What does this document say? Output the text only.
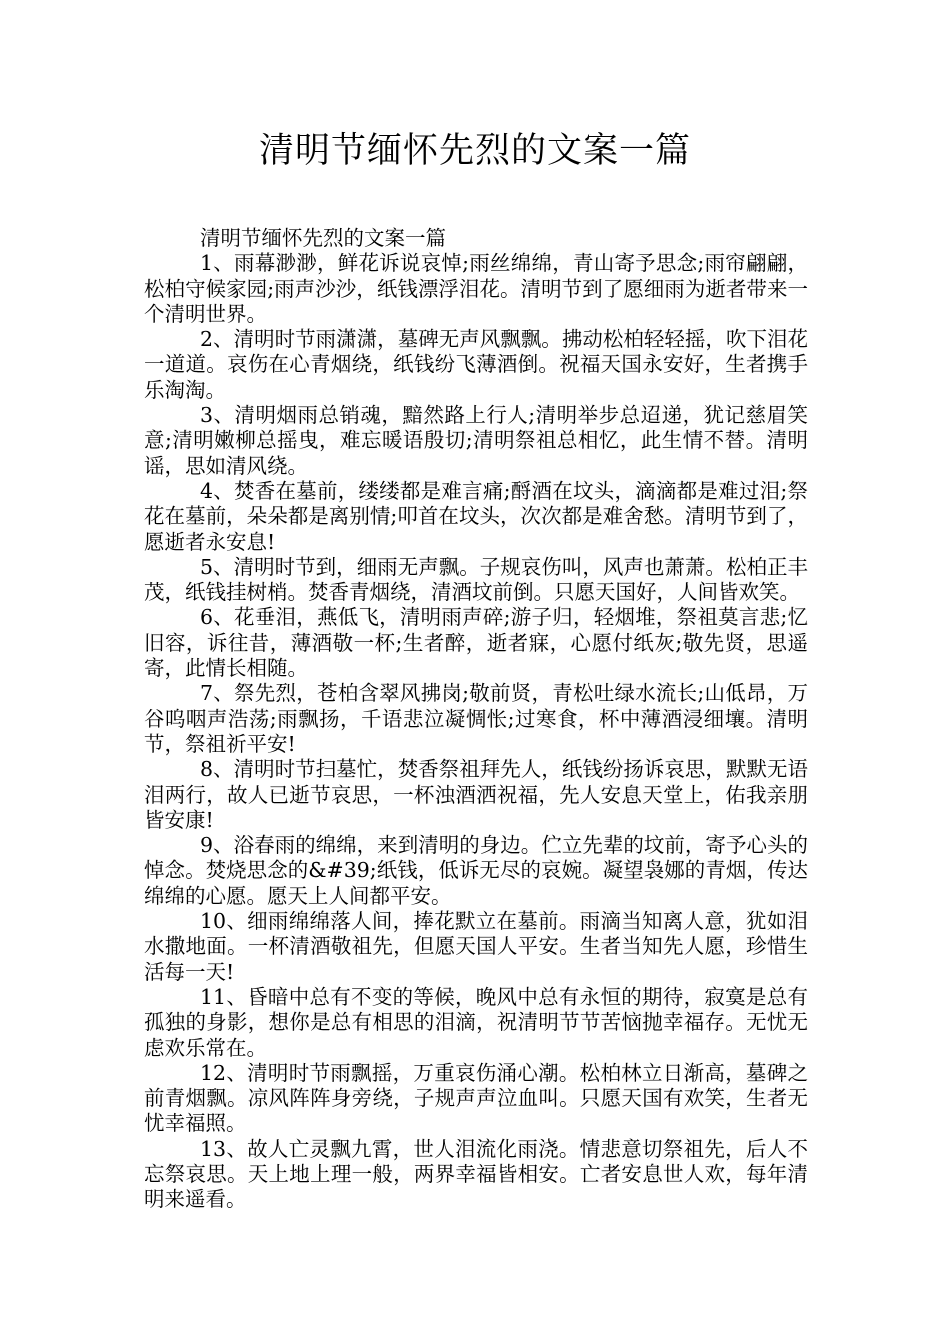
清明节缅怀先烈的文案一篇

清明节缅怀先烈的文案一篇

1、雨幕渺渺，鲜花诉说哀悼;雨丝绵绵，青山寄予思念;雨帘翩翩，松柏守候家园;雨声沙沙，纸钱漂浮泪花。清明节到了愿细雨为逝者带来一个清明世界。

2、清明时节雨潇潇，墓碑无声风飘飘。拂动松柏轻轻摇，吹下泪花一道道。哀伤在心青烟绕，纸钱纷飞薄酒倒。祝福天国永安好，生者携手乐淘淘。

3、清明烟雨总销魂，黯然路上行人;清明举步总迢递，犹记慈眉笑意;清明嫩柳总摇曳，难忘暖语殷切;清明祭祖总相忆，此生情不替。清明谣，思如清风绕。

4、焚香在墓前，缕缕都是难言痛;酹酒在坟头，滴滴都是难过泪;祭花在墓前，朵朵都是离别情;叩首在坟头，次次都是难舍愁。清明节到了，愿逝者永安息!

5、清明时节到，细雨无声飘。子规哀伤叫，风声也萧萧。松柏正丰茂，纸钱挂树梢。焚香青烟绕，清酒坟前倒。只愿天国好，人间皆欢笑。

6、花垂泪，燕低飞，清明雨声碎;游子归，轻烟堆，祭祖莫言悲;忆旧容，诉往昔，薄酒敬一杯;生者醉，逝者寐，心愿付纸灰;敬先贤，思遥寄，此情长相随。

7、祭先烈，苍柏含翠风拂岗;敬前贤，青松吐绿水流长;山低昂，万谷呜咽声浩荡;雨飘扬，千语悲泣凝惆怅;过寒食，杯中薄酒浸细壤。清明节，祭祖祈平安!

8、清明时节扫墓忙，焚香祭祖拜先人，纸钱纷扬诉哀思，默默无语泪两行，故人已逝节哀思，一杯浊酒洒祝福，先人安息天堂上，佑我亲朋皆安康!

9、浴春雨的绵绵，来到清明的身边。伫立先辈的坟前，寄予心头的悼念。焚烧思念的&#39;纸钱，低诉无尽的哀婉。凝望袅娜的青烟，传达绵绵的心愿。愿天上人间都平安。

10、细雨绵绵落人间，捧花默立在墓前。雨滴当知离人意，犹如泪水撒地面。一杯清酒敬祖先，但愿天国人平安。生者当知先人愿，珍惜生活每一天!

11、昏暗中总有不变的等候，晚风中总有永恒的期待，寂寞是总有孤独的身影，想你是总有相思的泪滴，祝清明节节苦恼抛幸福存。无忧无虑欢乐常在。

12、清明时节雨飘摇，万重哀伤涌心潮。松柏林立日渐高，墓碑之前青烟飘。凉风阵阵身旁绕，子规声声泣血叫。只愿天国有欢笑，生者无忧幸福照。

13、故人亡灵飘九霄，世人泪流化雨浇。情悲意切祭祖先，后人不忘祭哀思。天上地上理一般，两界幸福皆相安。亡者安息世人欢，每年清明来遥看。
